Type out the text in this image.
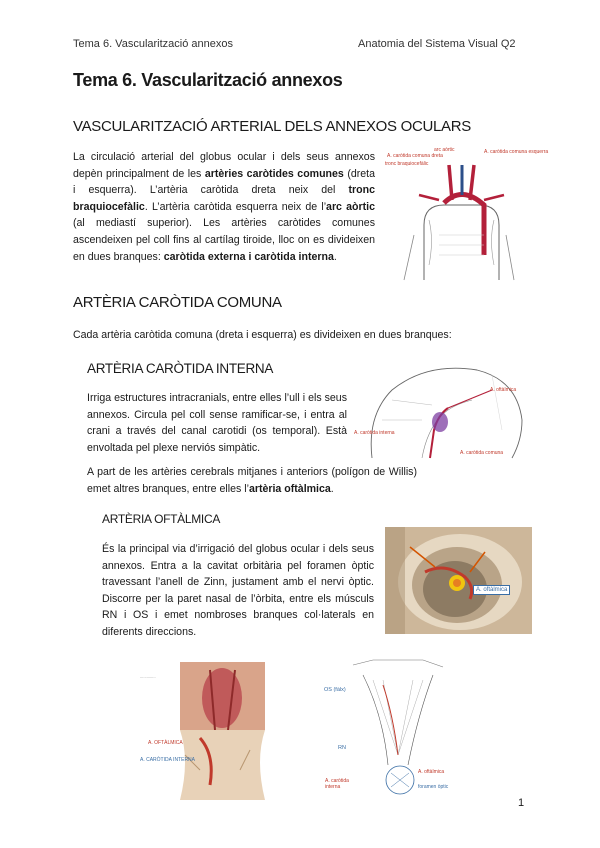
Tema 6. Vascularització annexos	Anatomia del Sistema Visual Q2
Tema 6. Vascularització annexos
VASCULARITZACIÓ ARTERIAL DELS ANNEXOS OCULARS

La circulació arterial del globus ocular i dels seus annexos depèn principalment de les artèries caròtides comunes (dreta i esquerra). L’artèria caròtida dreta neix del tronc braquiocefàlic. L’artèria caròtida esquerra neix de l’arc aòrtic (al mediastí superior). Les artèries caròtides comunes ascendeixen pel coll fins al cartílag tiroide, lloc on es divideixen en dues branques: caròtida externa i caròtida interna.

arc aòrtic
tronc braquiocefàlic
A. caròtida comuna dreta
A. caròtida comuna esquerra
ARTÈRIA CARÒTIDA COMUNA

Cada artèria caròtida comuna (dreta i esquerra) es divideixen en dues branques:

ARTÈRIA CARÒTIDA INTERNA

Irriga estructures intracranials, entre elles l’ull i els seus annexos. Circula pel coll sense ramificar-se, i entra al crani a través del canal carotidi (os temporal). Està envoltada pel plexe nerviós simpàtic.

A part de les artèries cerebrals mitjanes i anteriors (polígon de Willis) emet altres branques, entre elles l’artèria oftàlmica.

A. oftàlmica
A. caròtida interna
A. caròtida comuna
ARTÈRIA OFTÀLMICA

És la principal via d’irrigació del globus ocular i dels seus annexos. Entra a la cavitat orbitària pel foramen òptic travessant l’anell de Zinn, justament amb el nervi òptic. Discorre per la paret nasal de l’òrbita, entre els músculs RN i OS i emet nombroses branques col·laterals en diferents direccions.

A. oftàlmica
..............
A. OFTÀLMICA
A. CARÒTIDA INTERNA
OS (fàlx)
RN
A. oftàlmica
A. caròtida interna	foramen òptic
1
